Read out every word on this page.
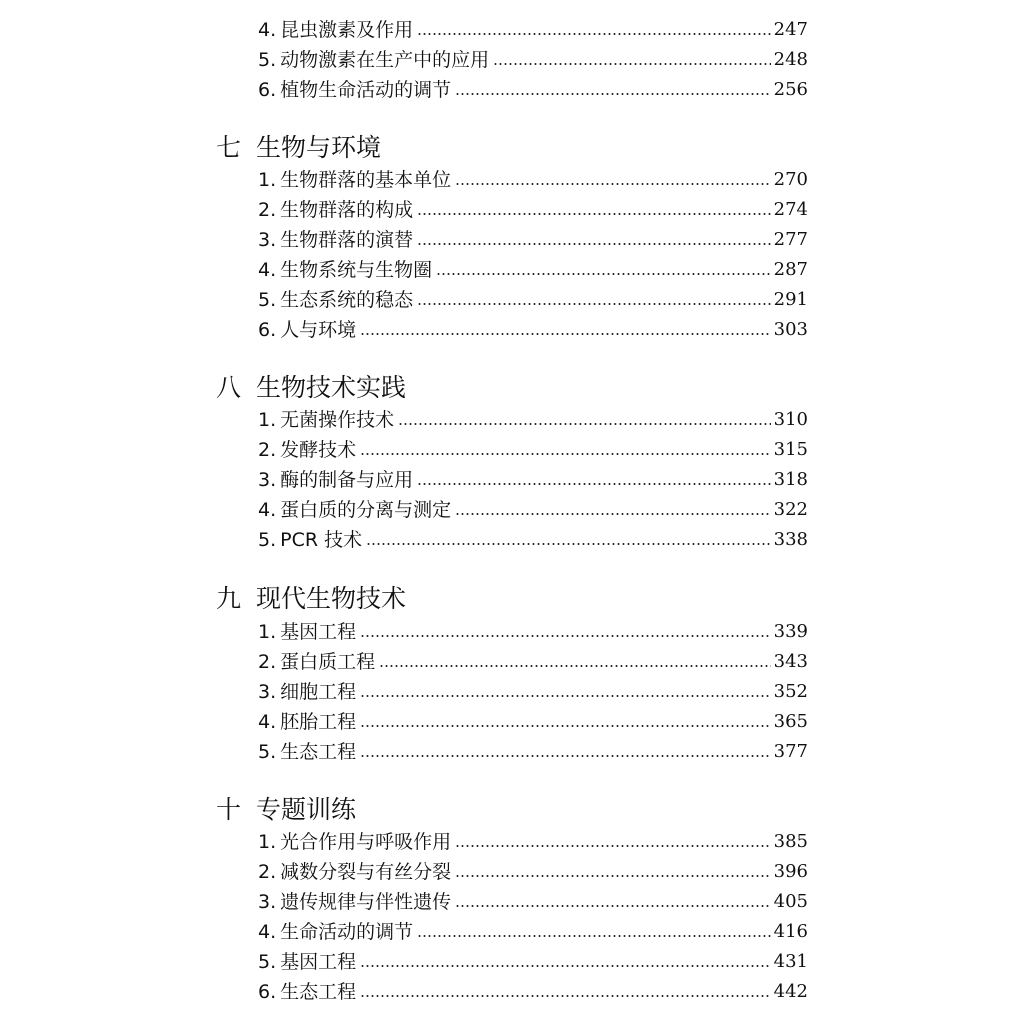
4. 昆虫激素及作用	247
5. 动物激素在生产中的应用	248
6. 植物生命活动的调节	256
七 生物与环境
1. 生物群落的基本单位	270
2. 生物群落的构成	274
3. 生物群落的演替	277
4. 生物系统与生物圈	287
5. 生态系统的稳态	291
6. 人与环境	303
八 生物技术实践
1. 无菌操作技术	310
2. 发酵技术	315
3. 酶的制备与应用	318
4. 蛋白质的分离与测定	322
5. PCR 技术	338
九 现代生物技术
1. 基因工程	339
2. 蛋白质工程	343
3. 细胞工程	352
4. 胚胎工程	365
5. 生态工程	377
十 专题训练
1. 光合作用与呼吸作用	385
2. 减数分裂与有丝分裂	396
3. 遗传规律与伴性遗传	405
4. 生命活动的调节	416
5. 基因工程	431
6. 生态工程	442
